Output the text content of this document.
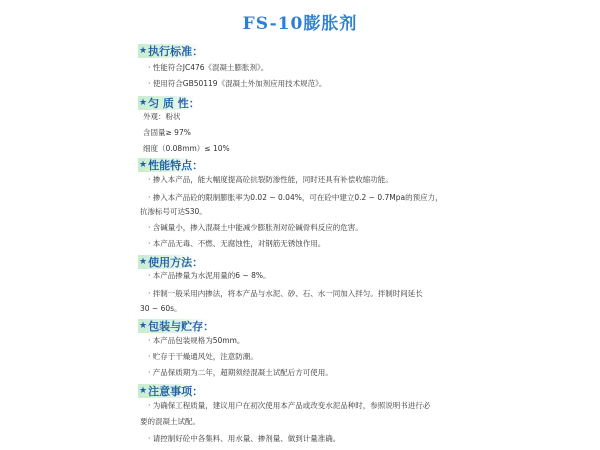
FS-10膨胀剂
★ 执行标准：
· 性能符合JC476《混凝土膨胀剂》。
· 使用符合GB50119《混凝土外加剂应用技术规范》。
★ 匀 质 性：
外观：粉状
含固量≥ 97%
细度（0.08mm）≤ 10%
★ 性能特点：
· 掺入本产品，能大幅度提高砼抗裂防渗性能，同时还具有补偿收缩功能。
· 掺入本产品砼的限制膨胀率为0.02 ~ 0.04%，可在砼中建立0.2 ~ 0.7Mpa的预应力，
抗渗标号可达S30。
· 含碱量小，掺入混凝土中能减少膨胀剂对砼碱骨料反应的危害。
· 本产品无毒、不燃、无腐蚀性，对钢筋无锈蚀作用。
★ 使用方法：
· 本产品掺量为水泥用量的6 ~ 8%。
· 拌制一般采用内掺法，将本产品与水泥、砂、石、水一同加入拌匀。拌制时间延长
30 ~ 60s。
★ 包装与贮存：
· 本产品包装规格为50mm。
· 贮存于干燥通风处，注意防潮。
· 产品保质期为二年，超期须经混凝土试配后方可使用。
★ 注意事项：
· 为确保工程质量，建议用户在初次使用本产品或改变水泥品种时，参照说明书进行必
要的混凝土试配。
· 请控制好砼中各集料、用水量、掺剂量、做到计量准确。
